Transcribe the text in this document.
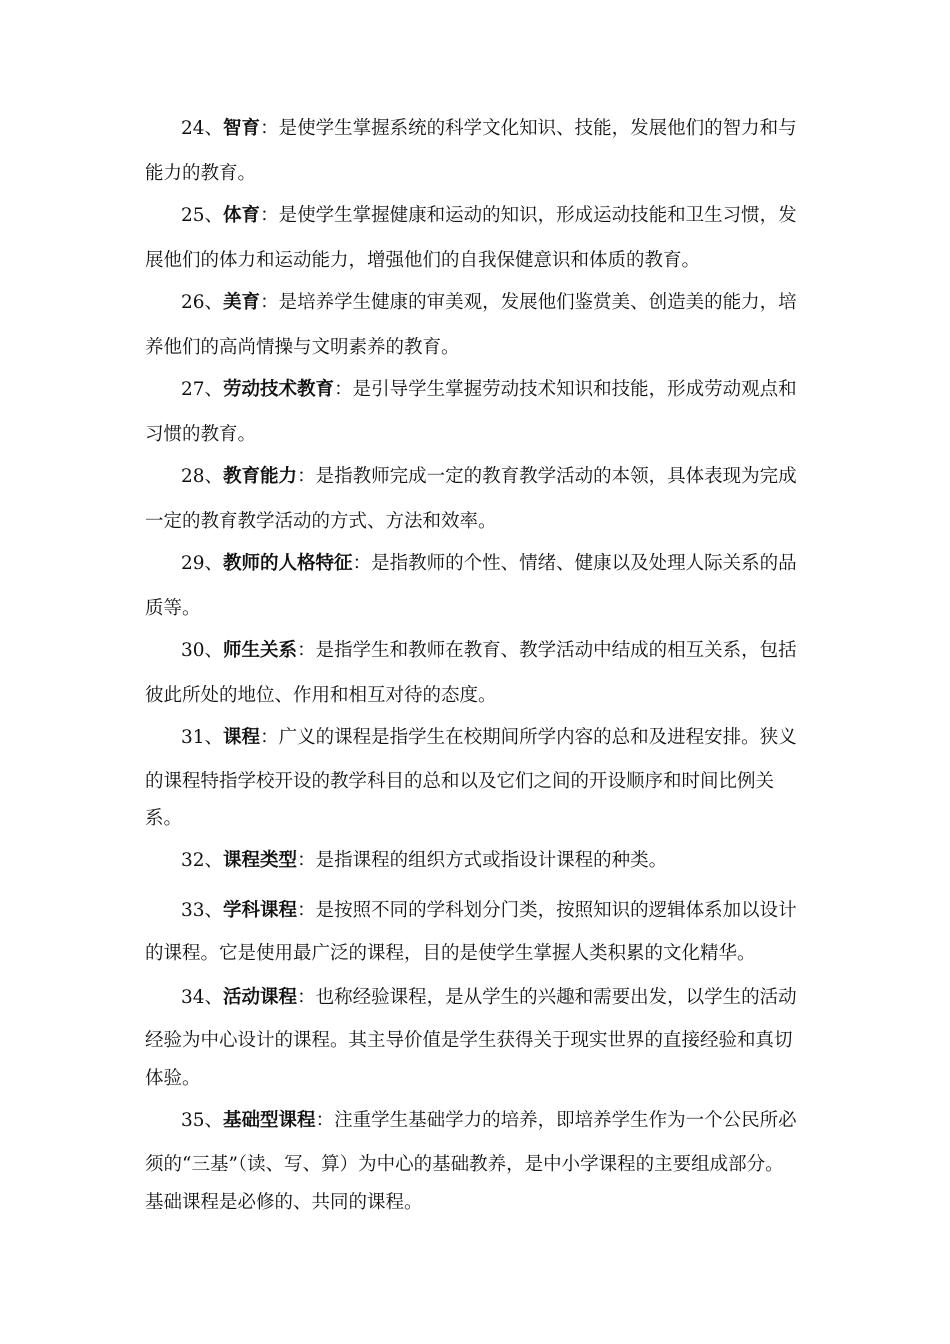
24、智育：是使学生掌握系统的科学文化知识、技能，发展他们的智力和与
能力的教育。
25、体育：是使学生掌握健康和运动的知识，形成运动技能和卫生习惯，发
展他们的体力和运动能力，增强他们的自我保健意识和体质的教育。
26、美育：是培养学生健康的审美观，发展他们鉴赏美、创造美的能力，培
养他们的高尚情操与文明素养的教育。
27、劳动技术教育：是引导学生掌握劳动技术知识和技能，形成劳动观点和
习惯的教育。
28、教育能力：是指教师完成一定的教育教学活动的本领，具体表现为完成
一定的教育教学活动的方式、方法和效率。
29、教师的人格特征：是指教师的个性、情绪、健康以及处理人际关系的品
质等。
30、师生关系：是指学生和教师在教育、教学活动中结成的相互关系，包括
彼此所处的地位、作用和相互对待的态度。
31、课程：广义的课程是指学生在校期间所学内容的总和及进程安排。狭义
的课程特指学校开设的教学科目的总和以及它们之间的开设顺序和时间比例关
系。
32、课程类型：是指课程的组织方式或指设计课程的种类。
33、学科课程：是按照不同的学科划分门类，按照知识的逻辑体系加以设计
的课程。它是使用最广泛的课程，目的是使学生掌握人类积累的文化精华。
34、活动课程：也称经验课程，是从学生的兴趣和需要出发，以学生的活动
经验为中心设计的课程。其主导价值是学生获得关于现实世界的直接经验和真切
体验。
35、基础型课程：注重学生基础学力的培养，即培养学生作为一个公民所必
须的“三基”（读、写、算）为中心的基础教养，是中小学课程的主要组成部分。
基础课程是必修的、共同的课程。
